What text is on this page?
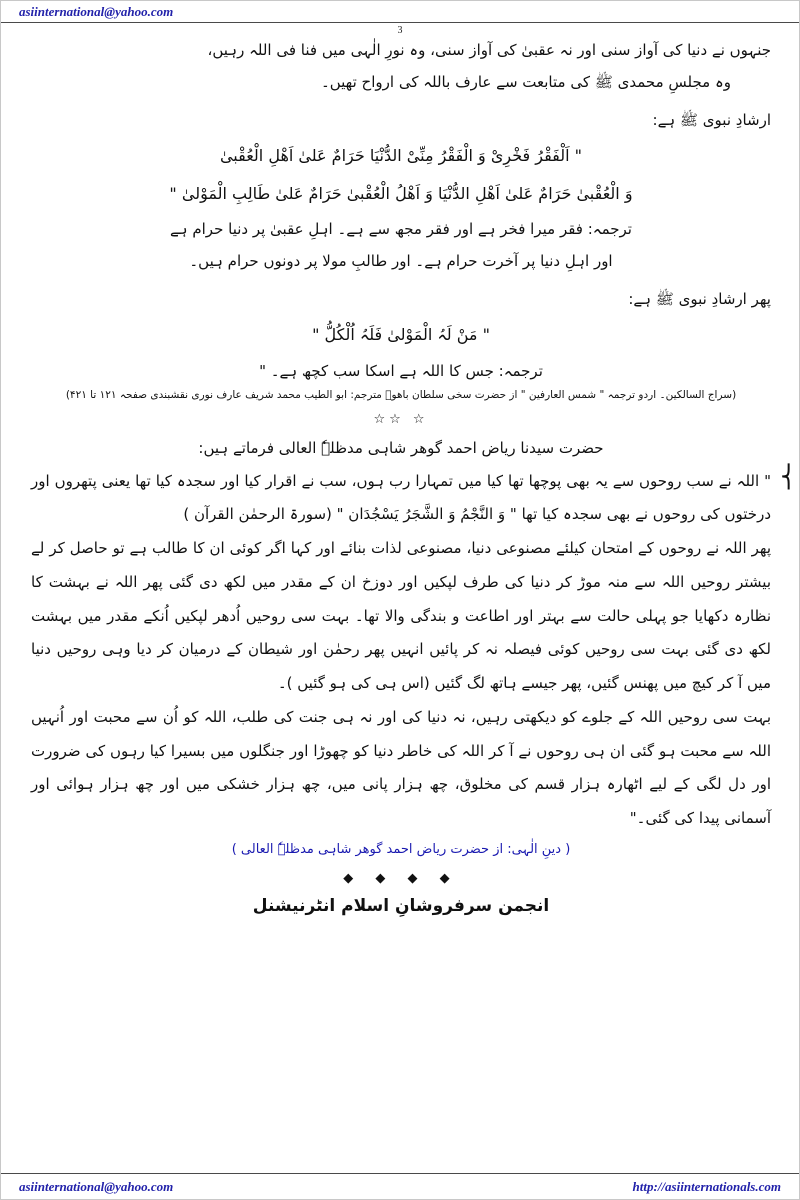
asiinternational@yahoo.com
3
جنہوں نے دنیا کی آواز سنی اور نہ عقبیٰ کی آواز سنی، وہ نورِ الٰہی میں فنا فی اللہ رہیں،
وہ مجلسِ محمدی ﷺ کی متابعت سے عارف باللہ کی ارواح تھیں۔
ارشادِ نبوی ﷺ ہے:
" اَلْفَقْرُ فَخْرِیْ وَ الْفَقْرُ مِنِّیْ الدُّنْیَا حَرَامٌ عَلیٰ اَھْلِ الْعُقْبیٰ
وَ الْعُقْبیٰ حَرَامٌ عَلیٰ اَھْلِ الدُّنْیَا وَ اَھْلُ الْعُقْبیٰ حَرَامٌ عَلیٰ طَالِبِ الْمَوْلیٰ "
ترجمہ: فقر میرا فخر ہے اور فقر مجھ سے ہے۔ اہلِ عقبیٰ پر دنیا حرام ہے
اور اہلِ دنیا پر آخرت حرام ہے۔ اور طالبِ مولا پر دونوں حرام ہیں۔
پھر ارشادِ نبوی ﷺ ہے:
" مَنْ لَہُ الْمَوْلیٰ فَلَہُ اُلْکُلُّ "
ترجمہ: جس کا اللہ ہے اسکا سب کچھ ہے۔ "
(سراج السالکین۔ اردو ترجمہ " شمس العارفین " از حضرت سخی سلطان باھوؒ مترجم: ابو الطیب محمد شریف عارف نوری نقشبندی صفحہ ۱۲۱ تا ۱۲۴)
☆ ☆☆
حضرت سیدنا ریاض احمد گوھر شاہی مدظلہٗ العالی فرماتے ہیں:
⎨
" اللہ نے سب روحوں سے یہ بھی پوچھا تھا کیا میں تمہارا رب ہوں، سب نے اقرار کیا اور سجدہ کیا تھا یعنی پتھروں اور درختوں کی روحوں نے بھی سجدہ کیا تھا " وَ النَّجْمُ وَ الشَّجَرُ یَسْجُدَان " (سورۃ الرحمٰن القرآن )
پھر اللہ نے روحوں کے امتحان کیلئے مصنوعی دنیا، مصنوعی لذات بنائے اور کہا اگر کوئی ان کا طالب ہے تو حاصل کر لے بیشتر روحیں اللہ سے منہ موڑ کر دنیا کی طرف لپکیں اور دوزخ ان کے مقدر میں لکھ دی گئی پھر اللہ نے بہشت کا نظارہ دکھایا جو پہلی حالت سے بہتر اور اطاعت و بندگی والا تھا۔ بہت سی روحیں اُدھر لپکیں اُنکے مقدر میں بہشت لکھ دی گئی بہت سی روحیں کوئی فیصلہ نہ کر پائیں انہیں پھر رحمٰن اور شیطان کے درمیان کر دیا وہی روحیں دنیا میں آ کر کیچ میں پھنس گئیں، پھر جیسے ہاتھ لگ گئیں (اس ہی کی ہو گئیں )۔
بہت سی روحیں اللہ کے جلوے کو دیکھتی رہیں، نہ دنیا کی اور نہ ہی جنت کی طلب، اللہ کو اُن سے محبت اور اُنہیں اللہ سے محبت ہو گئی ان ہی روحوں نے آ کر اللہ کی خاطر دنیا کو چھوڑا اور جنگلوں میں بسیرا کیا رہوں کی ضرورت اور دل لگی کے لیے اٹھارہ ہزار قسم کی مخلوق، چھ ہزار پانی میں، چھ ہزار خشکی میں اور چھ ہزار ہوائی اور آسمانی پیدا کی گئی۔"
( دینِ الٰہی: از حضرت ریاض احمد گوھر شاہی مدظلہٗ العالی )
◆ ◆ ◆ ◆
انجمن سرفروشانِ اسلام انٹرنیشنل
asiinternational@yahoo.com	http://asiinternationals.com
